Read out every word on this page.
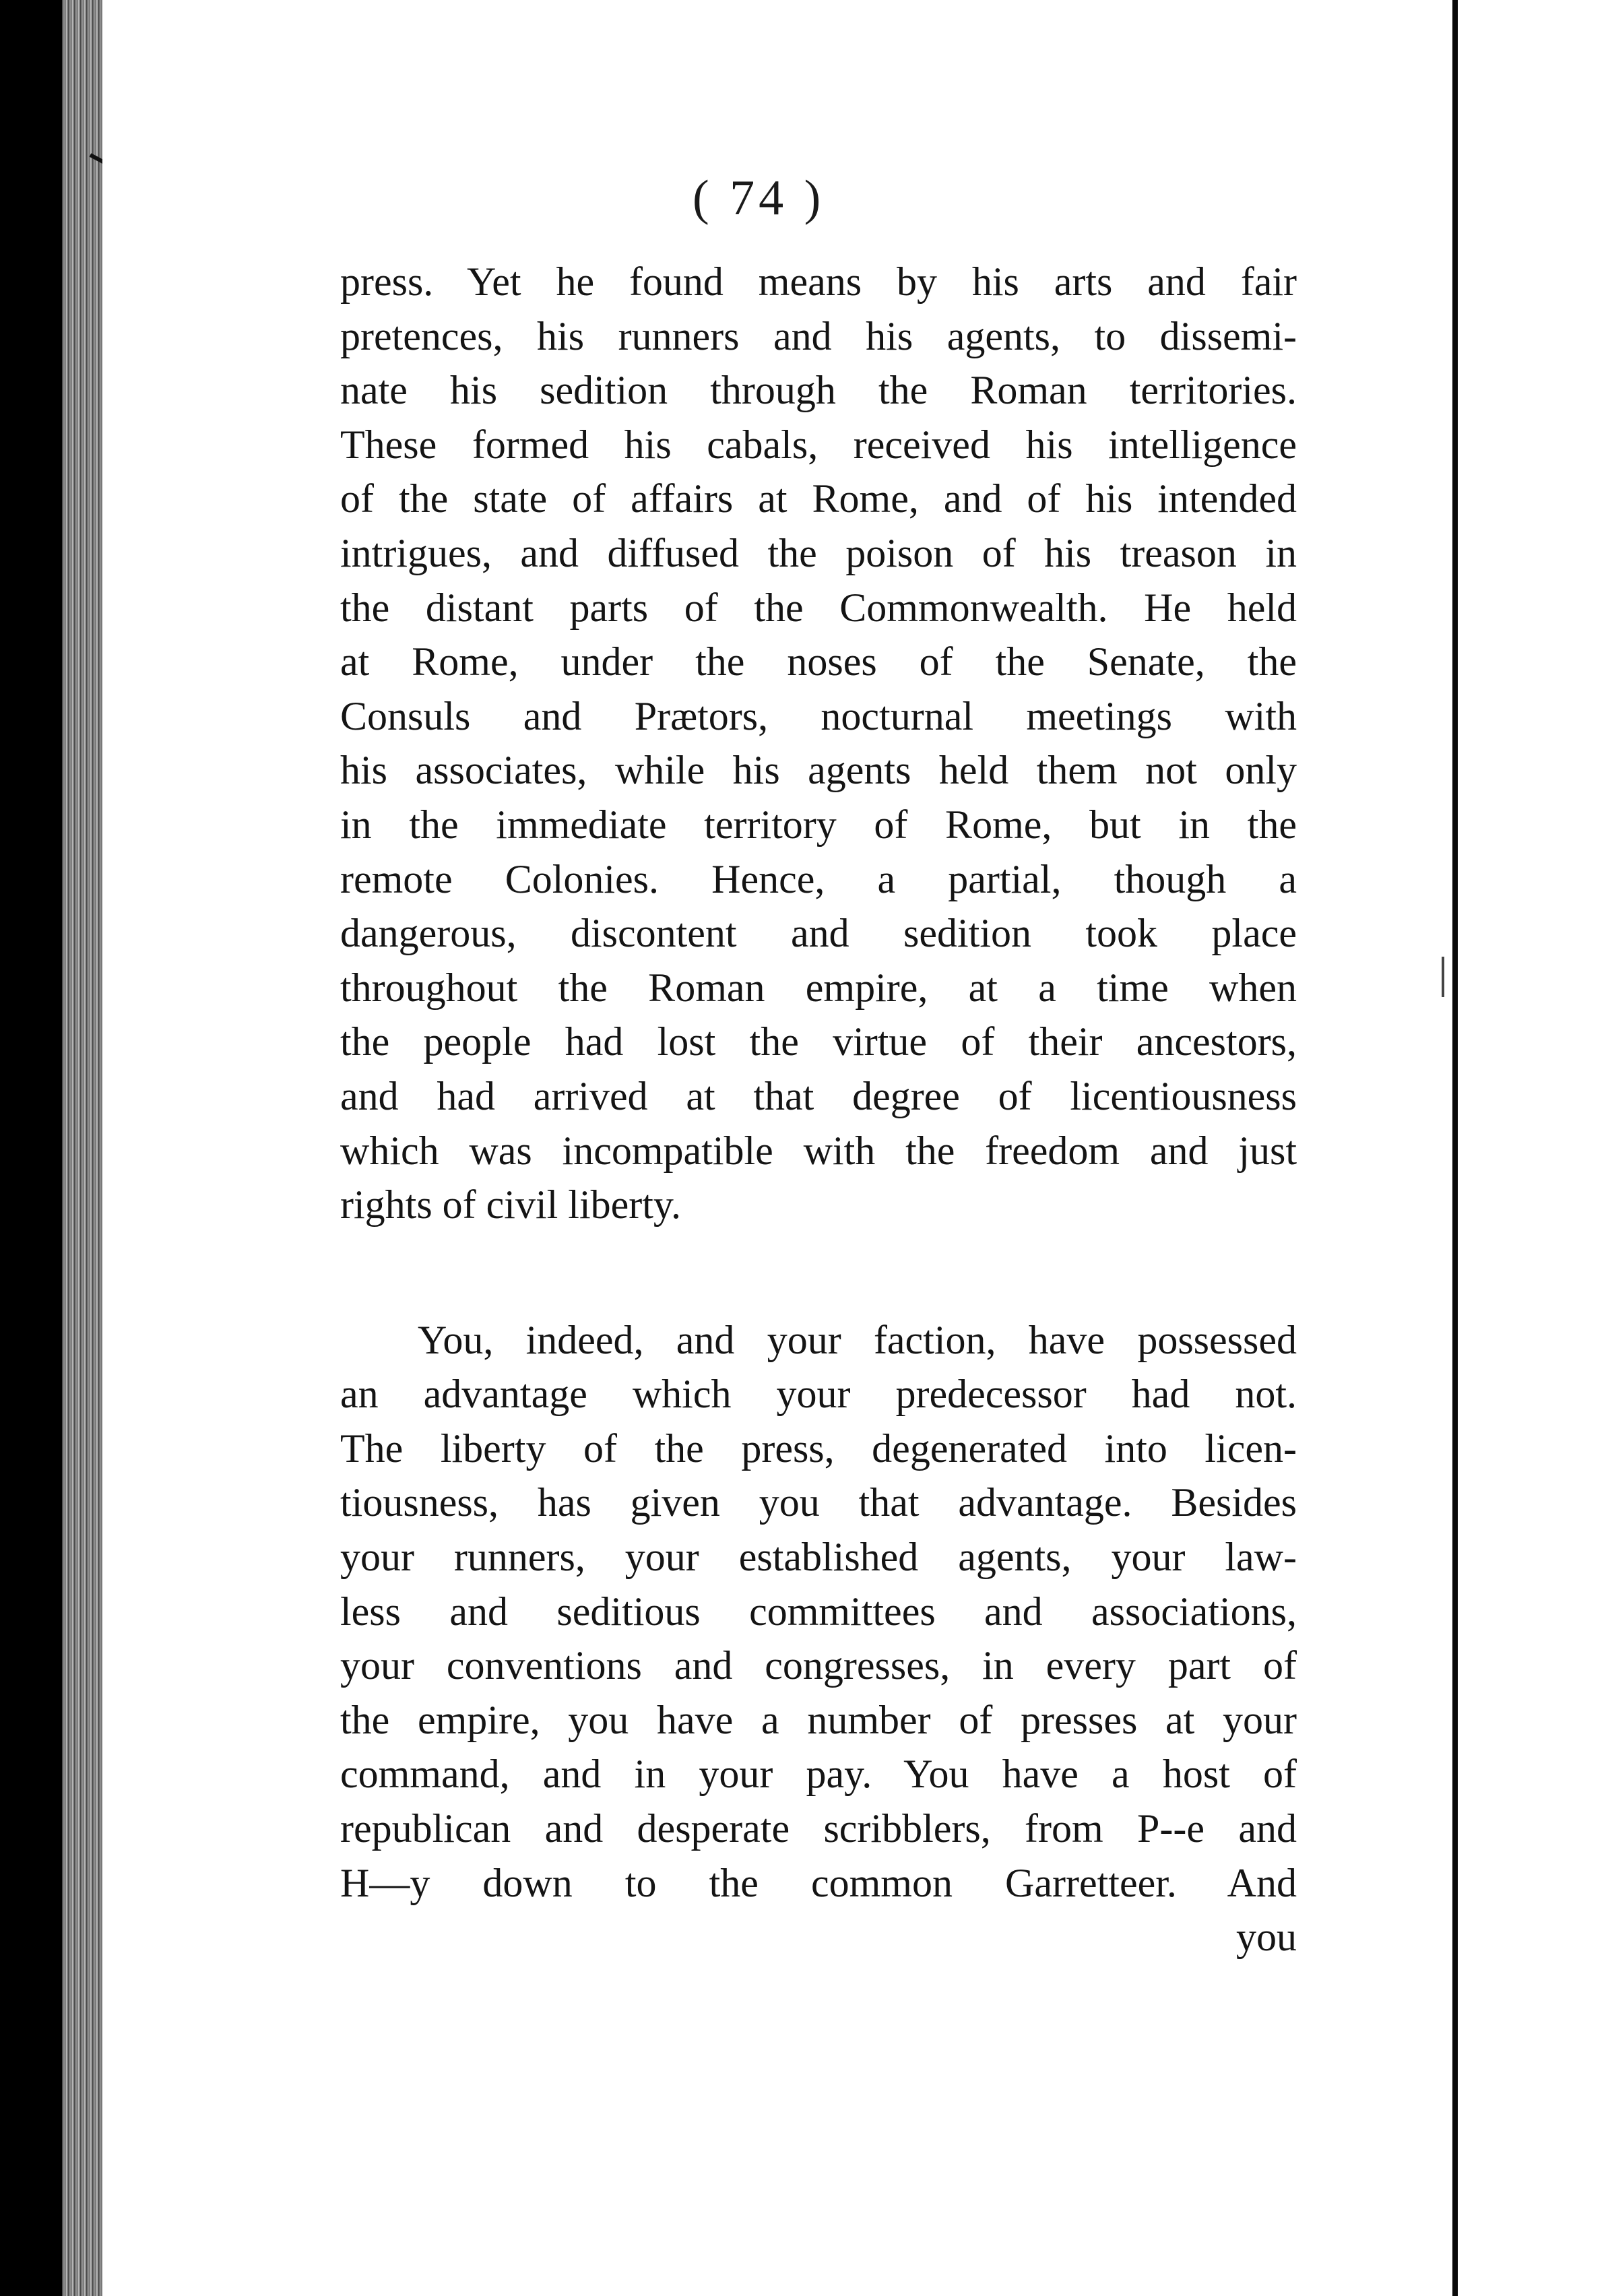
( 74 )
press. Yet he found means by his arts and fair
pretences, his runners and his agents, to dissemi-
nate his sedition through the Roman territories.
These formed his cabals, received his intelligence
of the state of affairs at Rome, and of his intended
intrigues, and diffused the poison of his treason in
the distant parts of the Commonwealth. He held
at Rome, under the noses of the Senate, the
Consuls and Prætors, nocturnal meetings with
his associates, while his agents held them not only
in the immediate territory of Rome, but in the
remote Colonies. Hence, a partial, though a
dangerous, discontent and sedition took place
throughout the Roman empire, at a time when
the people had lost the virtue of their ancestors,
and had arrived at that degree of licentiousness
which was incompatible with the freedom and just
rights of civil liberty.
You, indeed, and your faction, have possessed
an advantage which your predecessor had not.
The liberty of the press, degenerated into licen-
tiousness, has given you that advantage. Besides
your runners, your established agents, your law-
less and seditious committees and associations,
your conventions and congresses, in every part of
the empire, you have a number of presses at your
command, and in your pay. You have a host of
republican and desperate scribblers, from P--e and
H—y down to the common Garretteer. And
you
